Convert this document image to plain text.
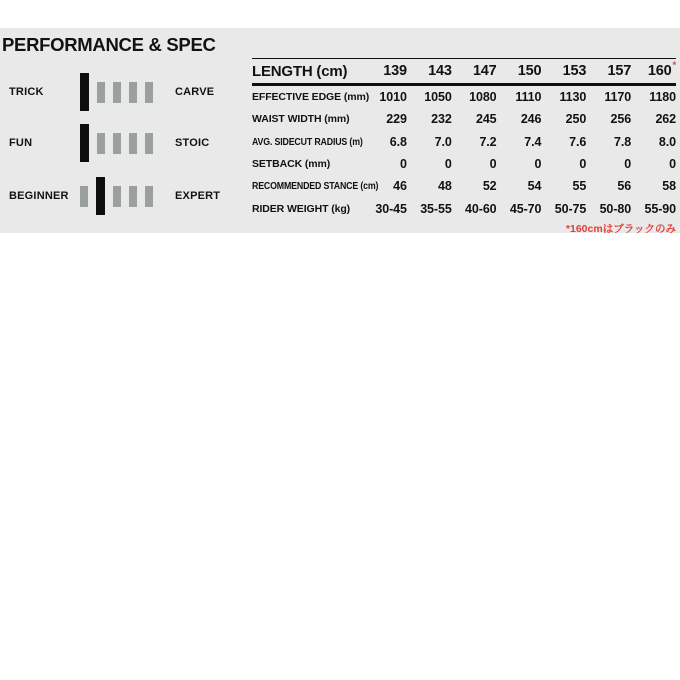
PERFORMANCE & SPEC
TRICK	CARVE
FUN	STOIC
BEGINNER	EXPERT
LENGTH (cm)	139	143	147	150	153	157	160*
EFFECTIVE EDGE (mm)	1010	1050	1080	1110	1130	1170	1180
WAIST WIDTH (mm)	229	232	245	246	250	256	262
AVG. SIDECUT RADIUS (m)	6.8	7.0	7.2	7.4	7.6	7.8	8.0
SETBACK (mm)	0	0	0	0	0	0	0
RECOMMENDED STANCE (cm)	46	48	52	54	55	56	58
RIDER WEIGHT (kg)	30-45	35-55	40-60	45-70	50-75	50-80	55-90
*160cmはブラックのみ
